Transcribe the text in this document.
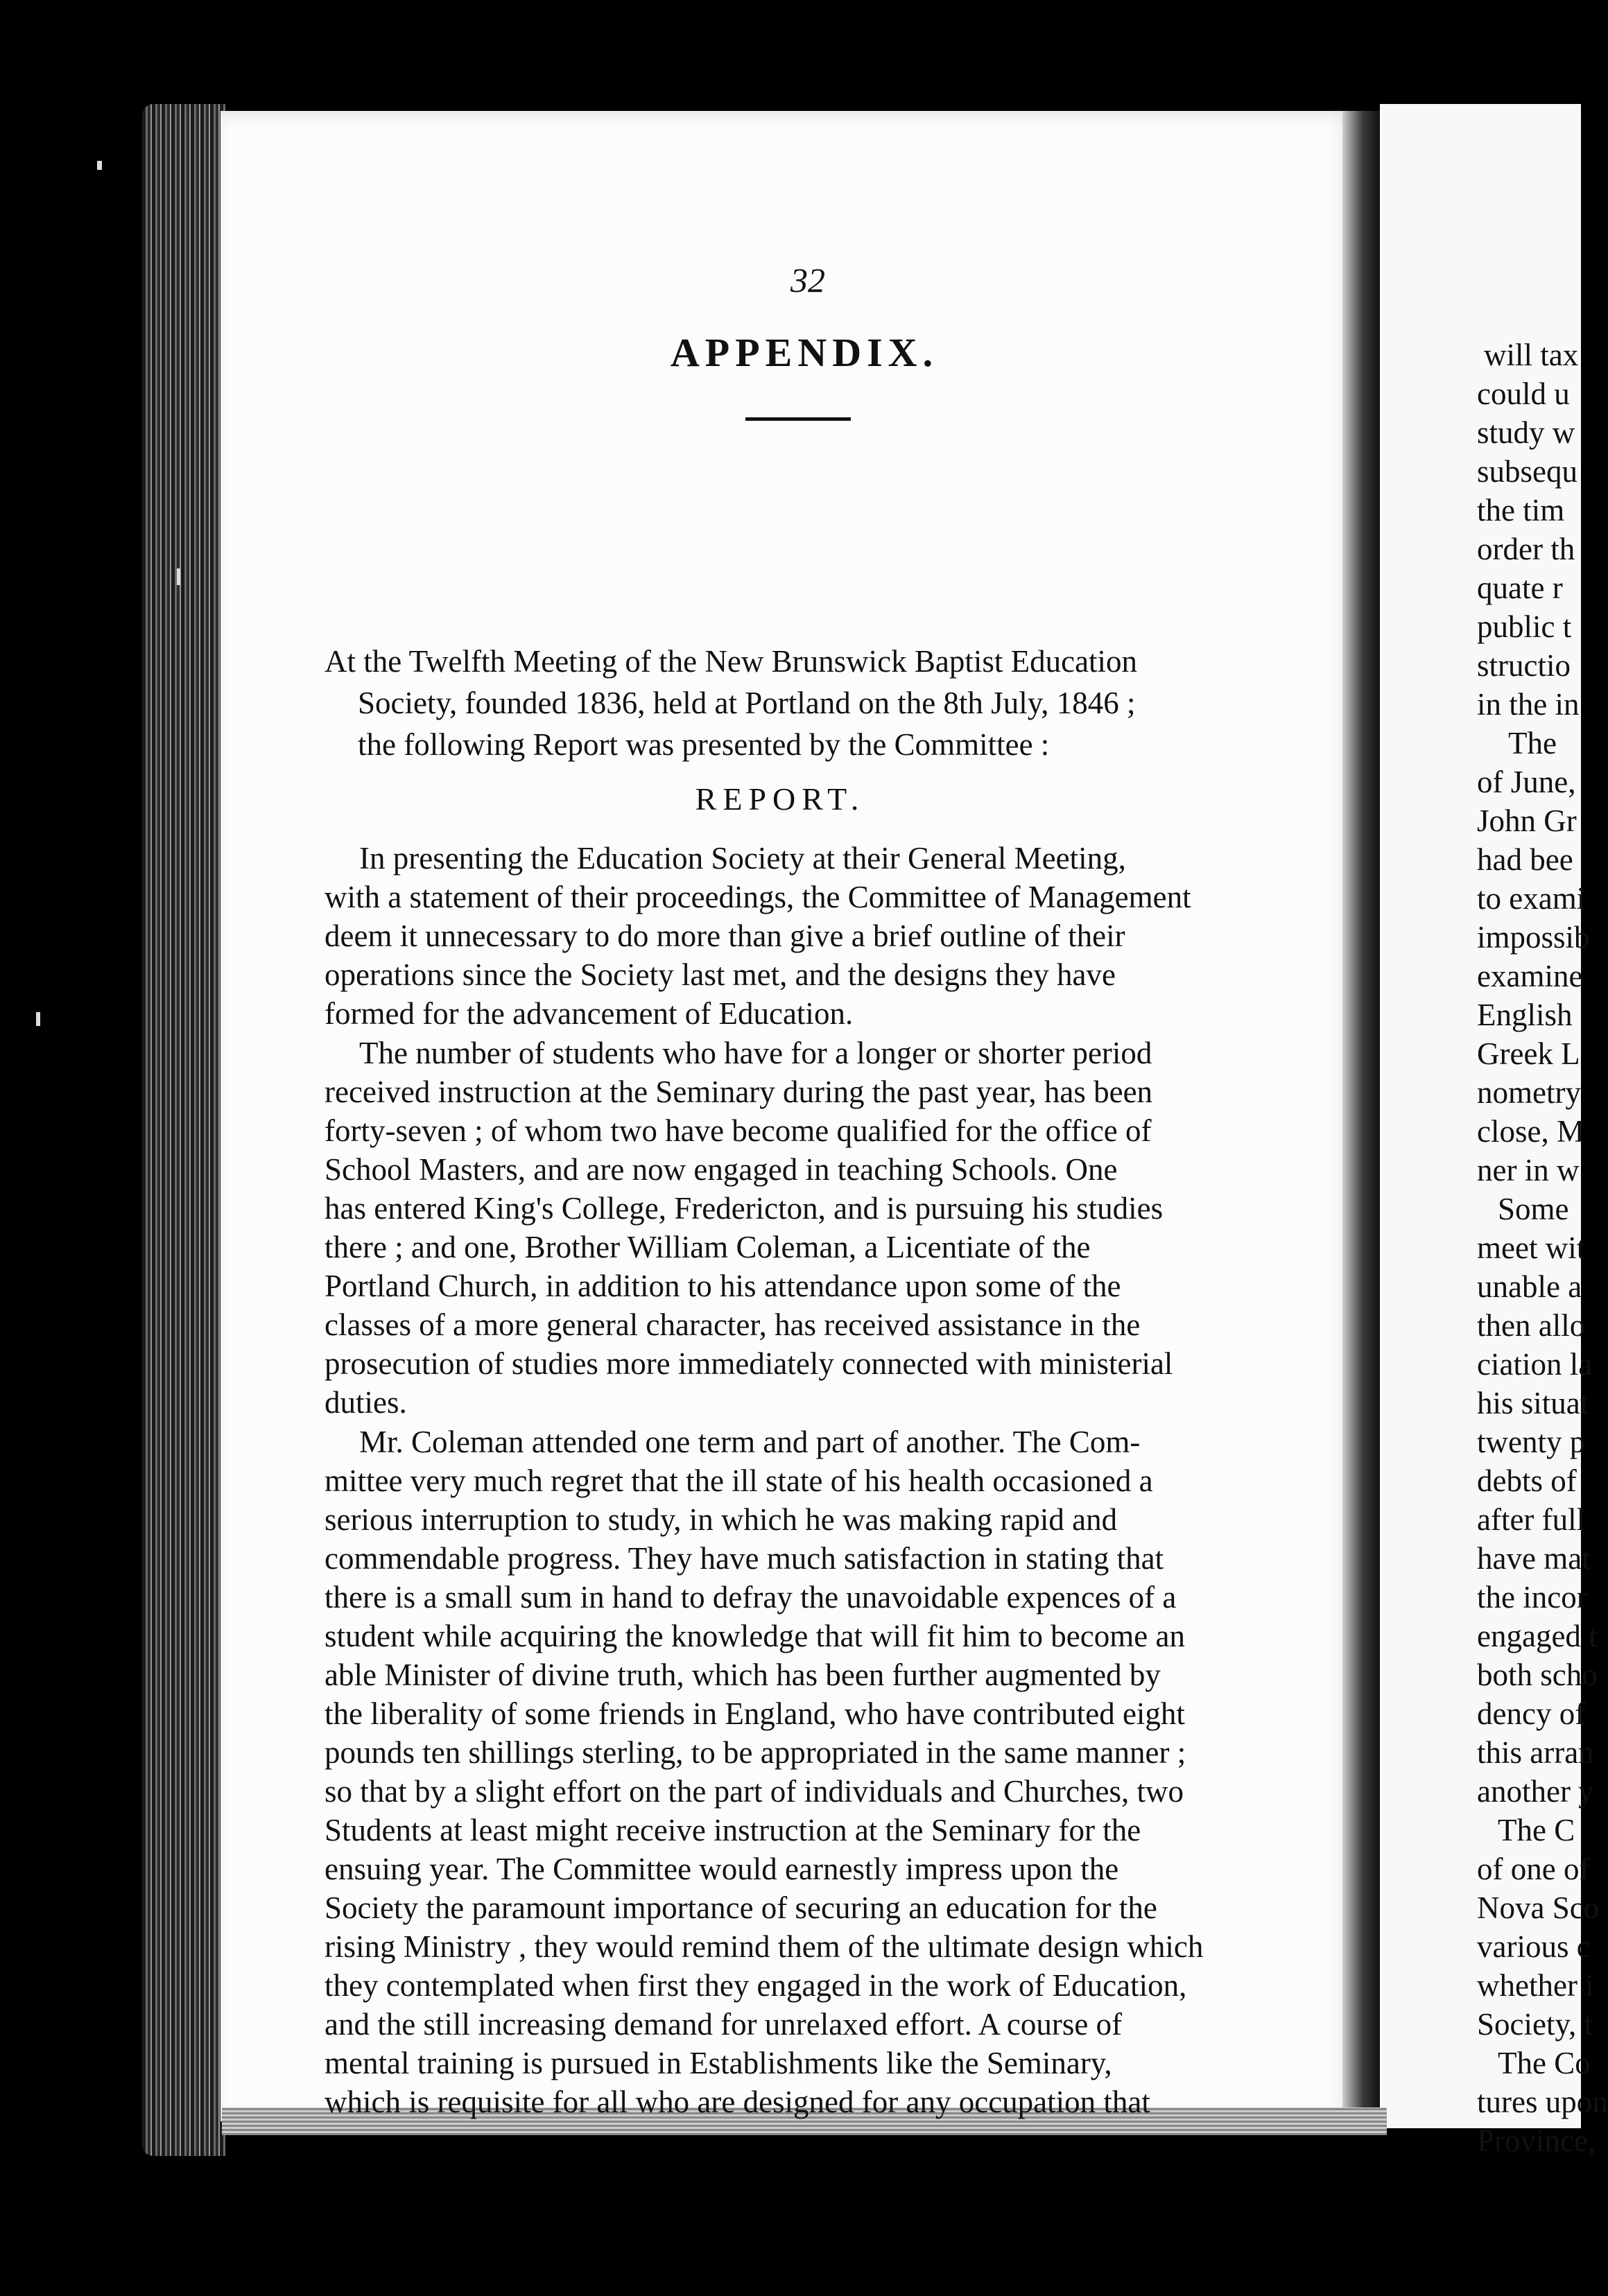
32
APPENDIX.

At the Twelfth Meeting of the New Brunswick Baptist Education

Society, founded 1836, held at Portland on the 8th July, 1846 ;

the following Report was presented by the Committee :

REPORT.

In presenting the Education Society at their General Meeting,

with a statement of their proceedings, the Committee of Management

deem it unnecessary to do more than give a brief outline of their

operations since the Society last met, and the designs they have

formed for the advancement of Education.

The number of students who have for a longer or shorter period

received instruction at the Seminary during the past year, has been

forty-seven ; of whom two have become qualified for the office of

School Masters, and are now engaged in teaching Schools. One

has entered King's College, Fredericton, and is pursuing his studies

there ; and one, Brother William Coleman, a Licentiate of the

Portland Church, in addition to his attendance upon some of the

classes of a more general character, has received assistance in the

prosecution of studies more immediately connected with ministerial

duties.

Mr. Coleman attended one term and part of another. The Com-

mittee very much regret that the ill state of his health occasioned a

serious interruption to study, in which he was making rapid and

commendable progress. They have much satisfaction in stating that

there is a small sum in hand to defray the unavoidable expences of a

student while acquiring the knowledge that will fit him to become an

able Minister of divine truth, which has been further augmented by

the liberality of some friends in England, who have contributed eight

pounds ten shillings sterling, to be appropriated in the same manner ;

so that by a slight effort on the part of individuals and Churches, two

Students at least might receive instruction at the Seminary for the

ensuing year. The Committee would earnestly impress upon the

Society the paramount importance of securing an education for the

rising Ministry , they would remind them of the ultimate design which

they contemplated when first they engaged in the work of Education,

and the still increasing demand for unrelaxed effort. A course of

mental training is pursued in Establishments like the Seminary,

which is requisite for all who are designed for any occupation that

will tax

could u

study w

subsequ

the tim

order th

quate r

public t

structio

in the in

The

of June,

John Gr

had bee

to exami

impossib

examine

English

Greek L

nometry

close, M

ner in w

Some

meet wit

unable a

then allo

ciation la

his situat

twenty p

debts of

after full

have mat

the incor

engaged t

both scho

dency of

this arran

another y

The C

of one of

Nova Sco

various c

whether i

Society, t

The Co

tures upon

Province,
